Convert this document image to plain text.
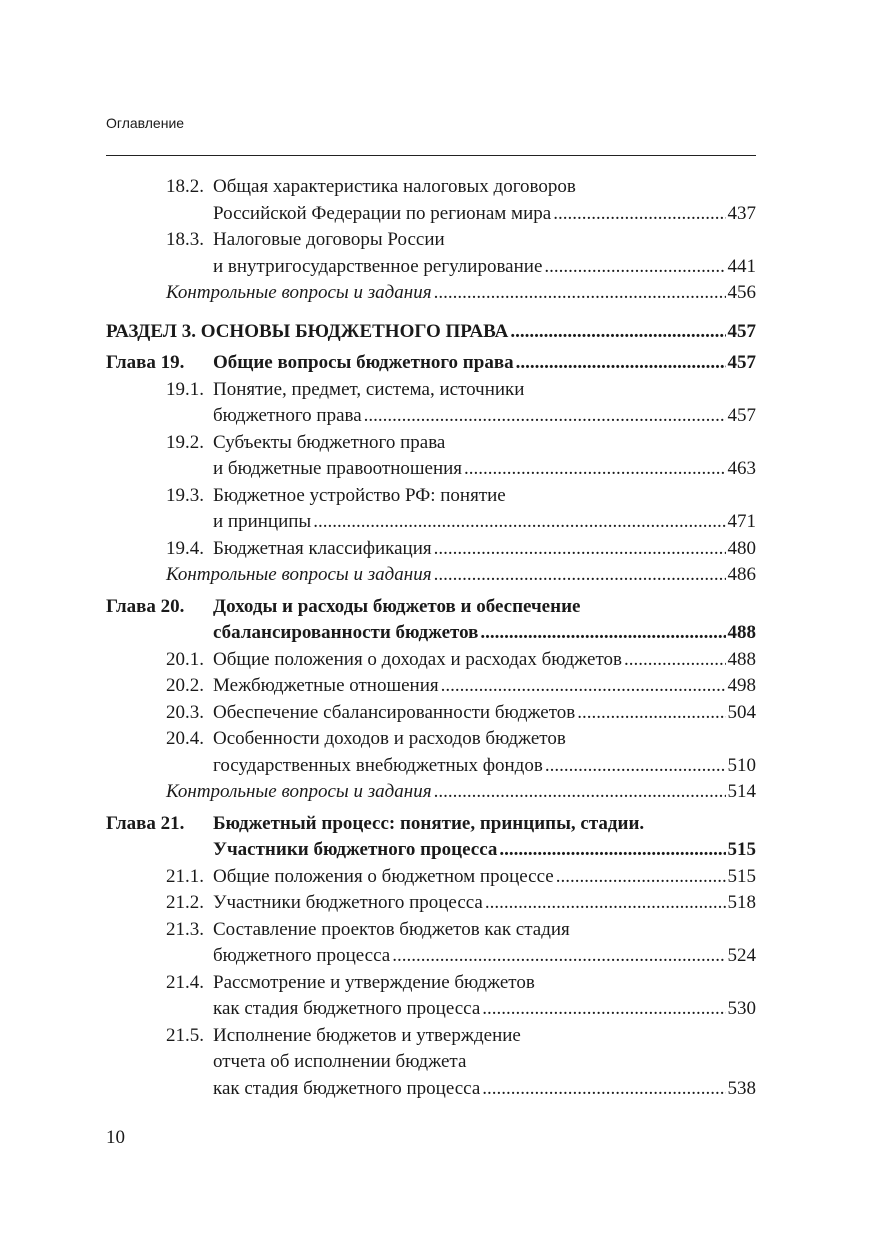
Оглавление
18.2. Общая характеристика налоговых договоров
Российской Федерации по регионам мира .....	437
18.3. Налоговые договоры России
и внутригосударственное регулирование .....	441
Контрольные вопросы и задания .....	456
РАЗДЕЛ 3. ОСНОВЫ БЮДЖЕТНОГО ПРАВА .....	457
Глава 19. Общие вопросы бюджетного права .....	457
19.1. Понятие, предмет, система, источники
бюджетного права .....	457
19.2. Субъекты бюджетного права
и бюджетные правоотношения .....	463
19.3. Бюджетное устройство РФ: понятие
и принципы .....	471
19.4. Бюджетная классификация .....	480
Контрольные вопросы и задания .....	486
Глава 20. Доходы и расходы бюджетов и обеспечение
сбалансированности бюджетов .....	488
20.1. Общие положения о доходах и расходах бюджетов .....	488
20.2. Межбюджетные отношения .....	498
20.3. Обеспечение сбалансированности бюджетов .....	504
20.4. Особенности доходов и расходов бюджетов
государственных внебюджетных фондов .....	510
Контрольные вопросы и задания .....	514
Глава 21. Бюджетный процесс: понятие, принципы, стадии.
Участники бюджетного процесса .....	515
21.1. Общие положения о бюджетном процессе .....	515
21.2. Участники бюджетного процесса .....	518
21.3. Составление проектов бюджетов как стадия
бюджетного процесса .....	524
21.4. Рассмотрение и утверждение бюджетов
как стадия бюджетного процесса .....	530
21.5. Исполнение бюджетов и утверждение
отчета об исполнении бюджета
как стадия бюджетного процесса .....	538
10
